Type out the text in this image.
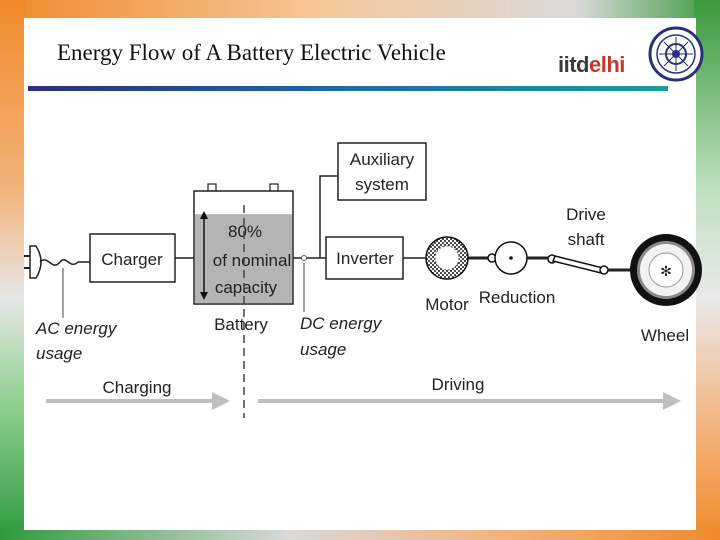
Energy Flow of A Battery Electric Vehicle	iitdelhi
Charger
80%
of nominal
capacity
Battery
Auxiliary
system
Inverter
Motor Reduction
Drive
shaft
✻
Wheel
AC energy
usage
DC energy
usage
Charging	Driving
